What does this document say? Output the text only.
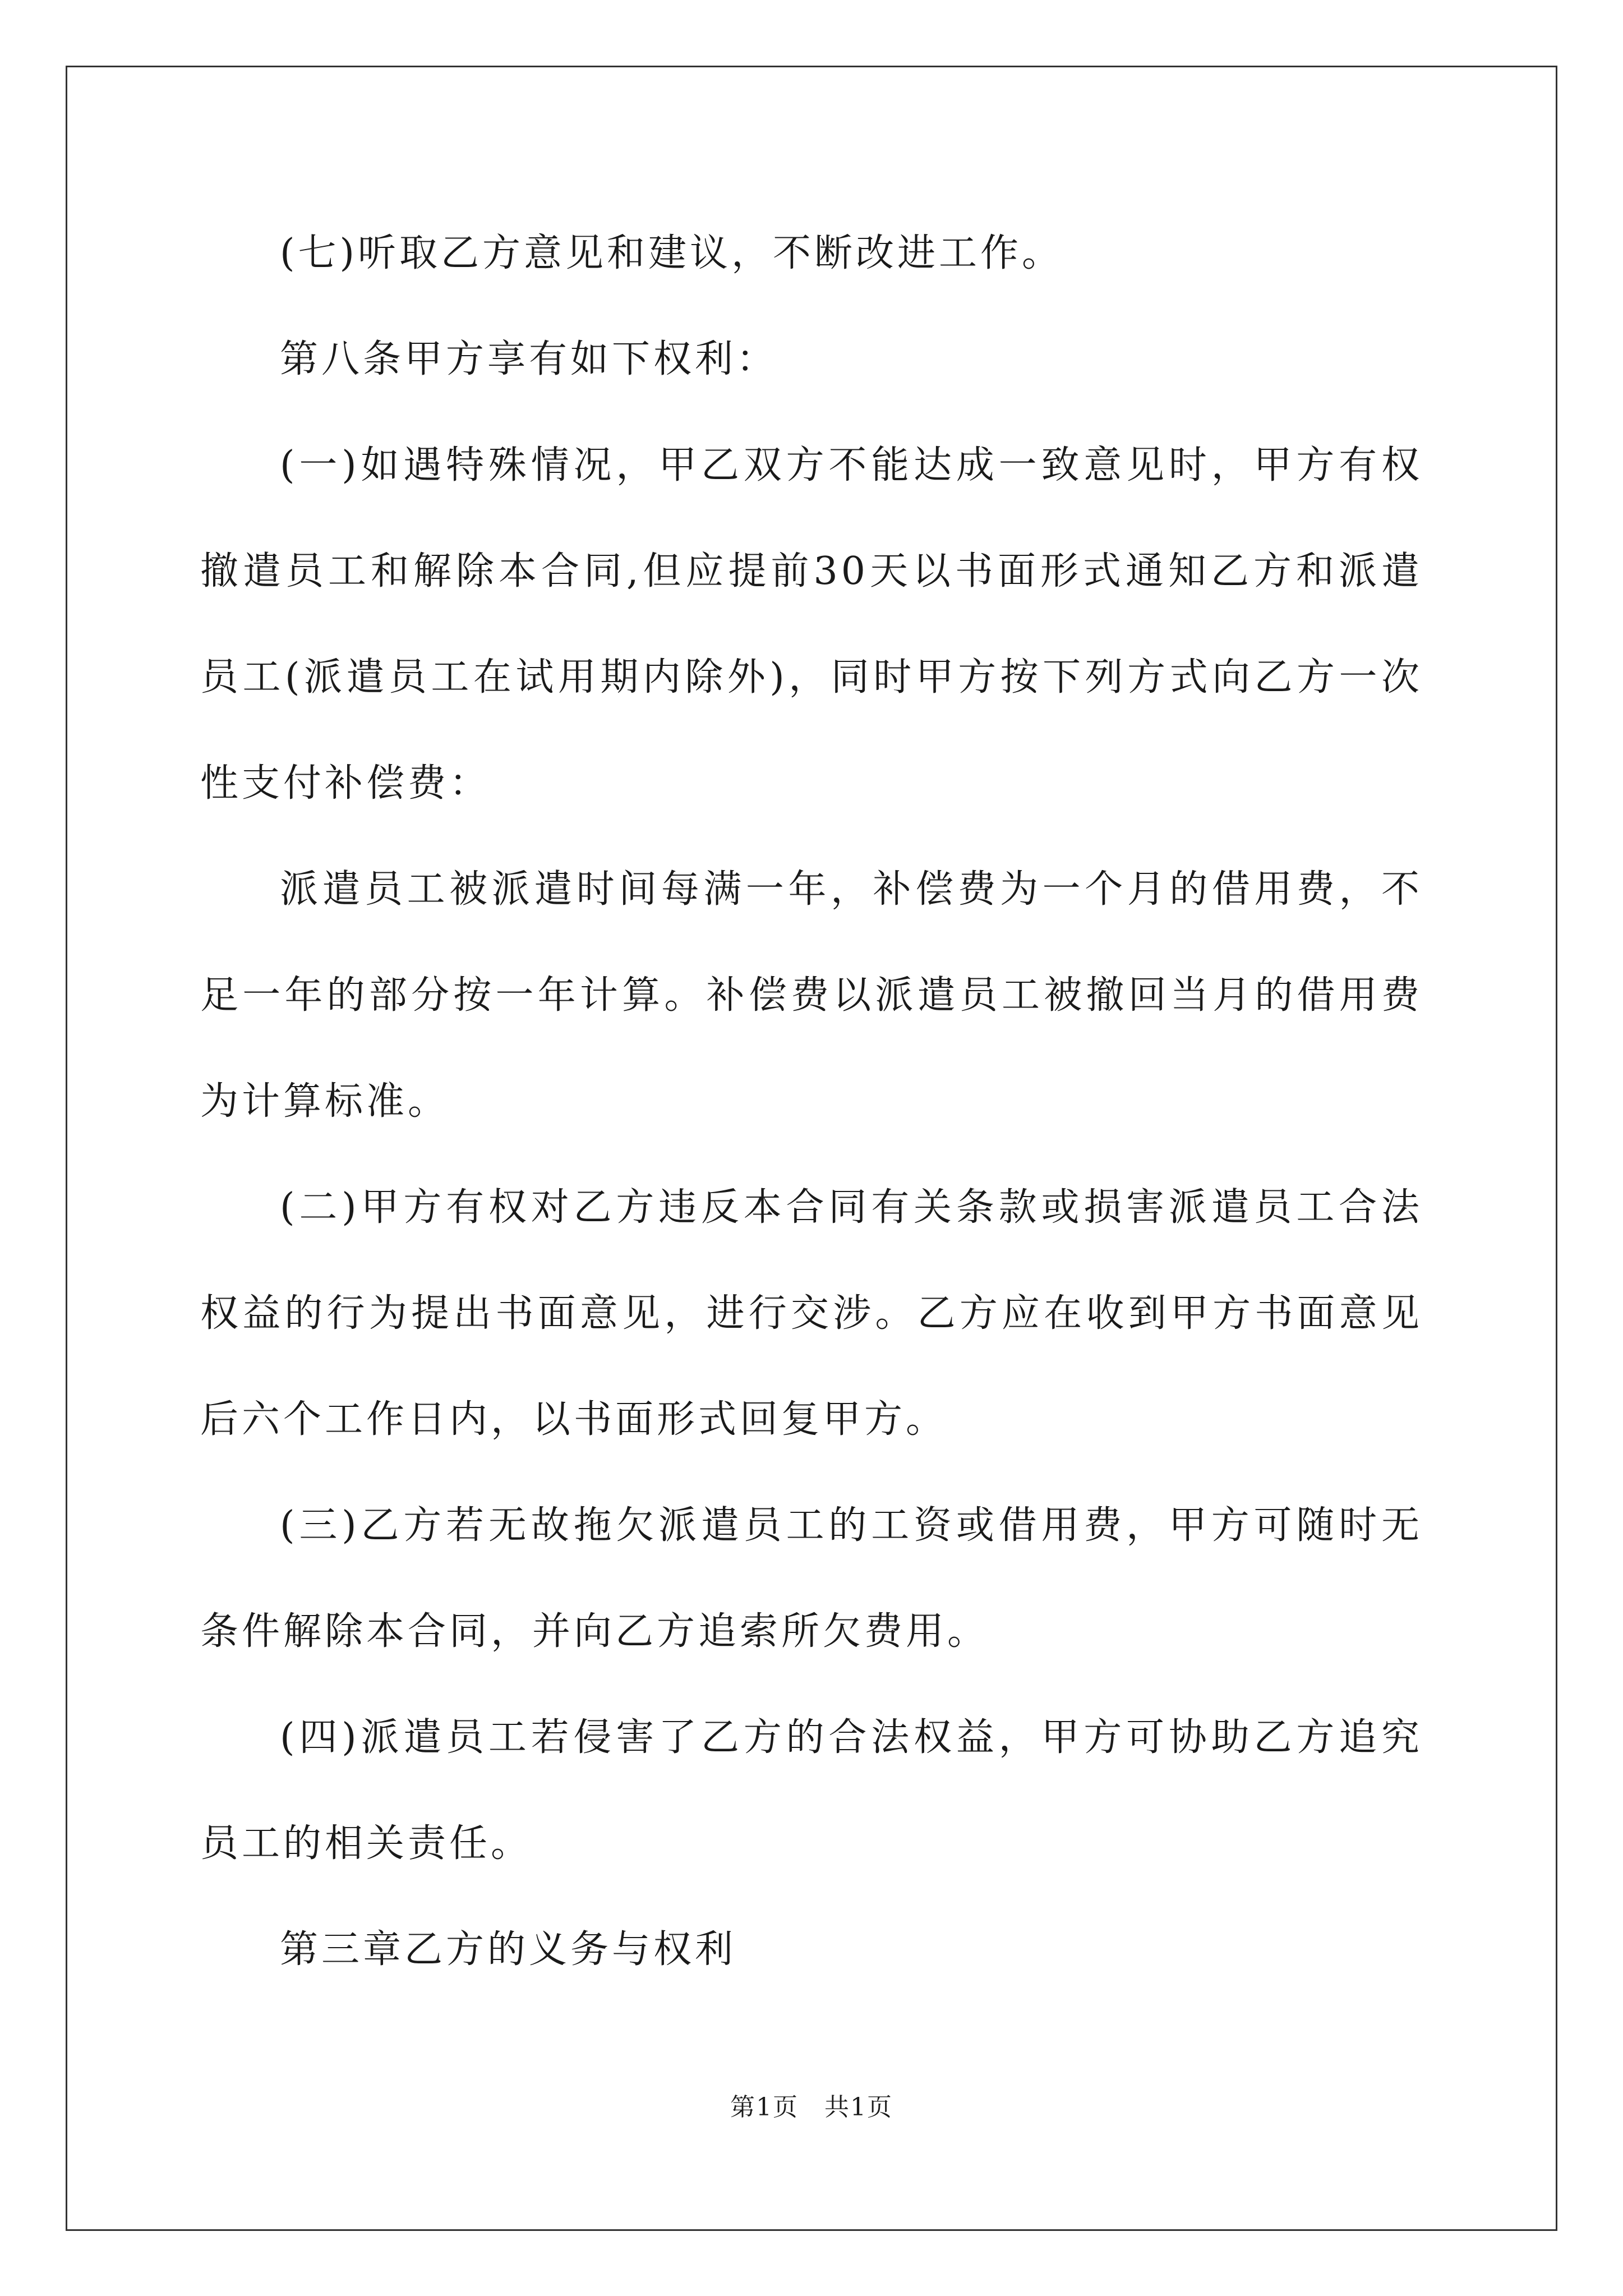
(七)听取乙方意见和建议，不断改进工作。

第八条甲方享有如下权利：

(一)如遇特殊情况，甲乙双方不能达成一致意见时，甲方有权撤遣员工和解除本合同,但应提前30天以书面形式通知乙方和派遣员工(派遣员工在试用期内除外)，同时甲方按下列方式向乙方一次性支付补偿费：

派遣员工被派遣时间每满一年，补偿费为一个月的借用费，不足一年的部分按一年计算。补偿费以派遣员工被撤回当月的借用费为计算标准。

(二)甲方有权对乙方违反本合同有关条款或损害派遣员工合法权益的行为提出书面意见，进行交涉。乙方应在收到甲方书面意见后六个工作日内，以书面形式回复甲方。

(三)乙方若无故拖欠派遣员工的工资或借用费，甲方可随时无条件解除本合同，并向乙方追索所欠费用。

(四)派遣员工若侵害了乙方的合法权益，甲方可协助乙方追究员工的相关责任。

第三章乙方的义务与权利

第1页　共1页
